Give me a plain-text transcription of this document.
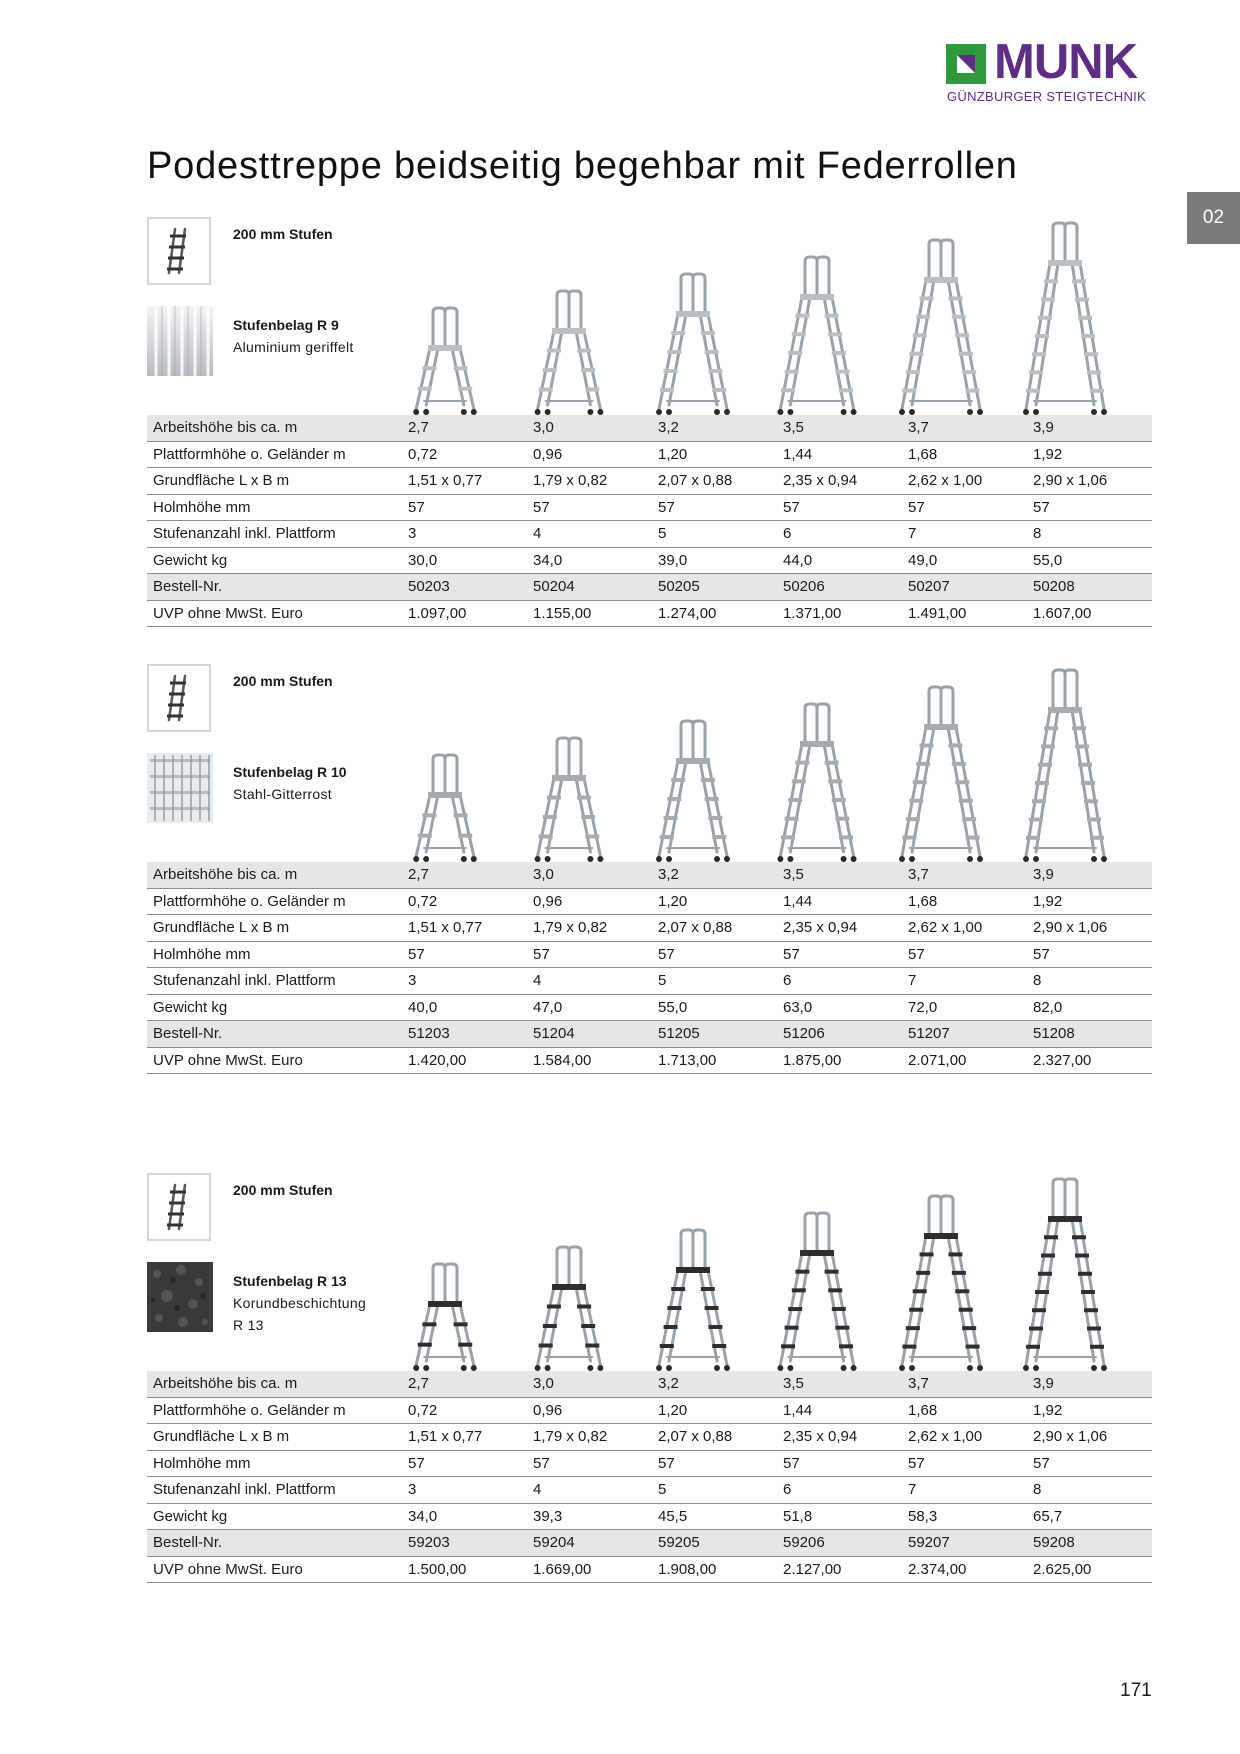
MUNK
GÜNZBURGER STEIGTECHNIK
02
Podesttreppe beidseitig begehbar mit Federrollen
200 mm Stufen
Stufenbelag R 9
Aluminium geriffelt
Arbeitshöhe bis ca. m	2,7	3,0	3,2	3,5	3,7	3,9
Plattformhöhe o. Geländer m	0,72	0,96	1,20	1,44	1,68	1,92
Grundfläche L x B m	1,51 x 0,77	1,79 x 0,82	2,07 x 0,88	2,35 x 0,94	2,62 x 1,00	2,90 x 1,06
Holmhöhe mm	57	57	57	57	57	57
Stufenanzahl inkl. Plattform	3	4	5	6	7	8
Gewicht kg	30,0	34,0	39,0	44,0	49,0	55,0
Bestell-Nr.	50203	50204	50205	50206	50207	50208
UVP ohne MwSt. Euro	1.097,00	1.155,00	1.274,00	1.371,00	1.491,00	1.607,00
200 mm Stufen
Stufenbelag R 10
Stahl-Gitterrost
Arbeitshöhe bis ca. m	2,7	3,0	3,2	3,5	3,7	3,9
Plattformhöhe o. Geländer m	0,72	0,96	1,20	1,44	1,68	1,92
Grundfläche L x B m	1,51 x 0,77	1,79 x 0,82	2,07 x 0,88	2,35 x 0,94	2,62 x 1,00	2,90 x 1,06
Holmhöhe mm	57	57	57	57	57	57
Stufenanzahl inkl. Plattform	3	4	5	6	7	8
Gewicht kg	40,0	47,0	55,0	63,0	72,0	82,0
Bestell-Nr.	51203	51204	51205	51206	51207	51208
UVP ohne MwSt. Euro	1.420,00	1.584,00	1.713,00	1.875,00	2.071,00	2.327,00
200 mm Stufen
Stufenbelag R 13
Korundbeschichtung
R 13
Arbeitshöhe bis ca. m	2,7	3,0	3,2	3,5	3,7	3,9
Plattformhöhe o. Geländer m	0,72	0,96	1,20	1,44	1,68	1,92
Grundfläche L x B m	1,51 x 0,77	1,79 x 0,82	2,07 x 0,88	2,35 x 0,94	2,62 x 1,00	2,90 x 1,06
Holmhöhe mm	57	57	57	57	57	57
Stufenanzahl inkl. Plattform	3	4	5	6	7	8
Gewicht kg	34,0	39,3	45,5	51,8	58,3	65,7
Bestell-Nr.	59203	59204	59205	59206	59207	59208
UVP ohne MwSt. Euro	1.500,00	1.669,00	1.908,00	2.127,00	2.374,00	2.625,00
171
